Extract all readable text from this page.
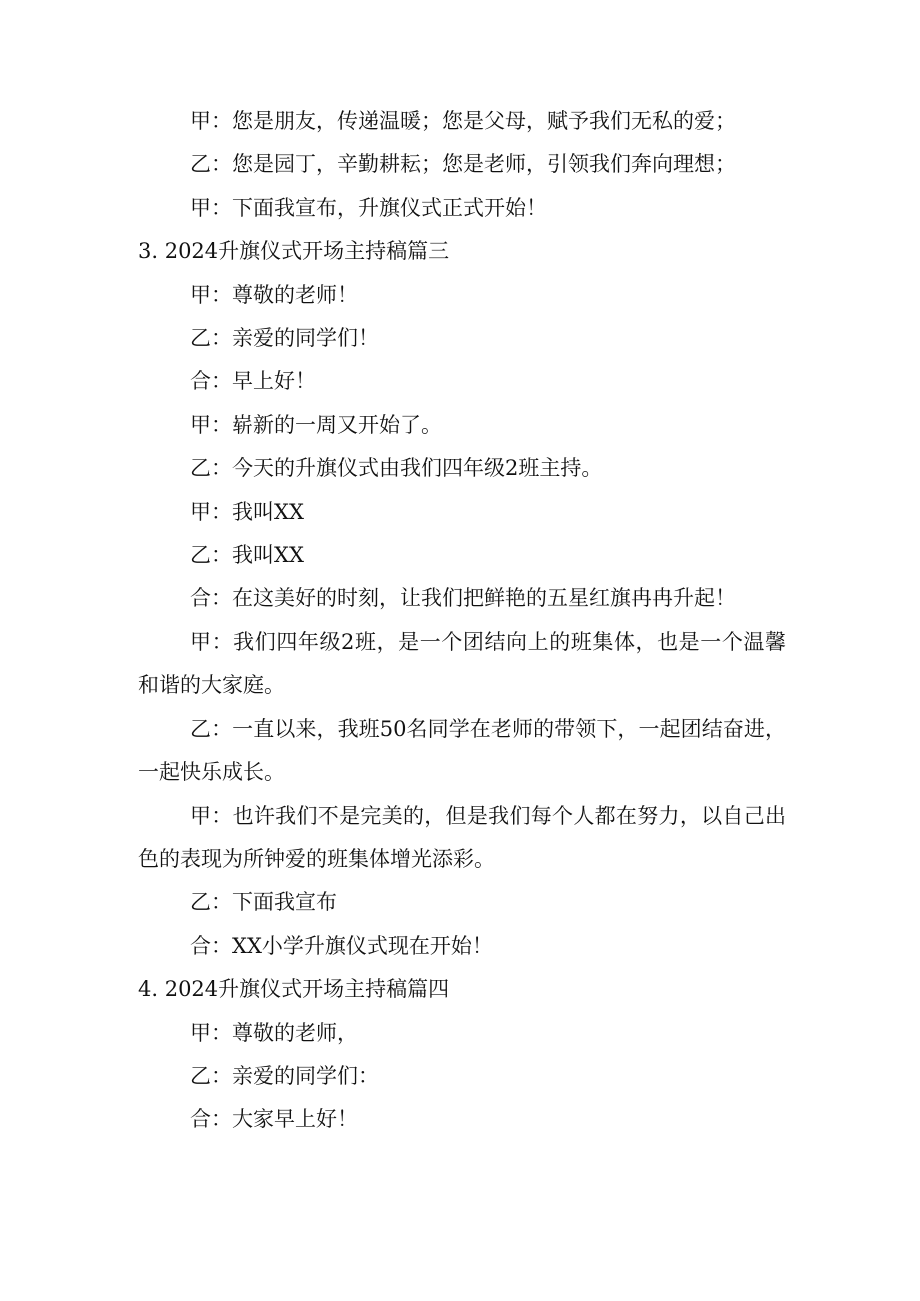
甲：您是朋友，传递温暖；您是父母，赋予我们无私的爱；

乙：您是园丁，辛勤耕耘；您是老师，引领我们奔向理想；

甲：下面我宣布，升旗仪式正式开始！

3. 2024升旗仪式开场主持稿篇三

甲：尊敬的老师！

乙：亲爱的同学们！

合：早上好！

甲：崭新的一周又开始了。

乙：今天的升旗仪式由我们四年级2班主持。

甲：我叫XX

乙：我叫XX

合：在这美好的时刻，让我们把鲜艳的五星红旗冉冉升起！

甲：我们四年级2班，是一个团结向上的班集体，也是一个温馨和谐的大家庭。

乙：一直以来，我班50名同学在老师的带领下，一起团结奋进，一起快乐成长。

甲：也许我们不是完美的，但是我们每个人都在努力，以自己出色的表现为所钟爱的班集体增光添彩。

乙：下面我宣布

合：XX小学升旗仪式现在开始！

4. 2024升旗仪式开场主持稿篇四

甲：尊敬的老师，

乙：亲爱的同学们：

合：大家早上好！
